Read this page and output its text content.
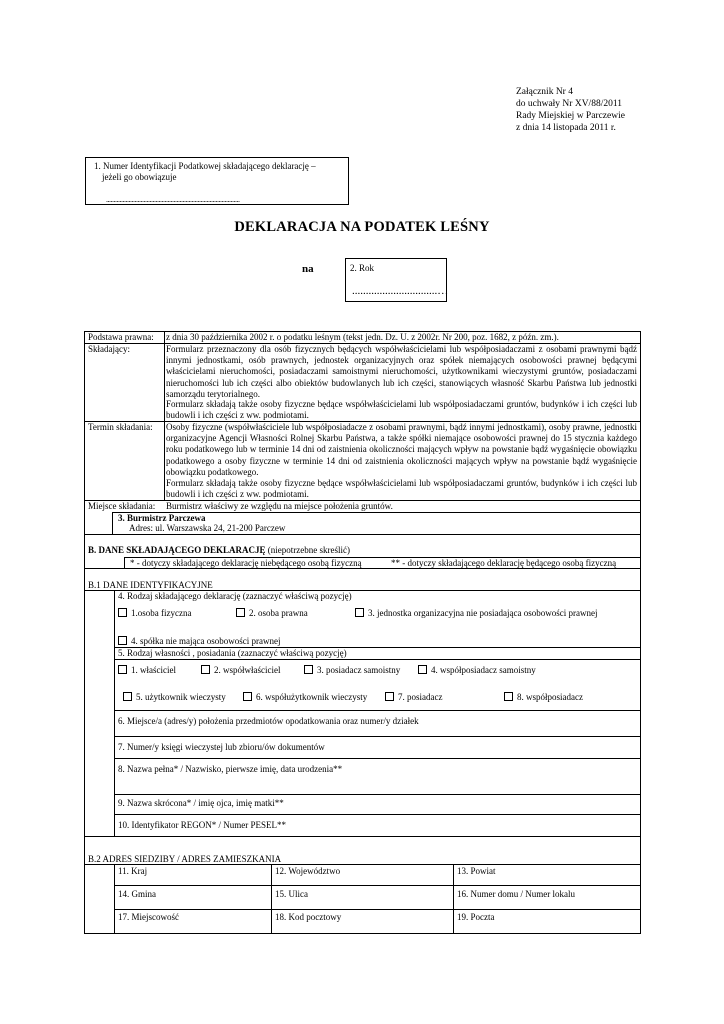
Załącznik Nr 4
do uchwały Nr XV/88/2011
Rady Miejskiej w Parczewie
z dnia 14 listopada 2011 r.
1. Numer Identyfikacji Podatkowej składającego deklarację –
jeżeli go obowiązuje
.........................................................................................
DEKLARACJA NA PODATEK LEŚNY
na	2. Rok
...............................…
Podstawa prawna: z dnia 30 października 2002 r. o podatku leśnym (tekst jedn. Dz. U. z 2002r. Nr 200, poz. 1682, z późn. zm.).
Składający:	Formularz przeznaczony dla osób fizycznych będących współwłaścicielami lub współposiadaczami z osobami prawnymi bądź innymi jednostkami, osób prawnych, jednostek organizacyjnych oraz spółek niemających osobowości prawnej będącymi właścicielami nieruchomości, posiadaczami samoistnymi nieruchomości, użytkownikami wieczystymi gruntów, posiadaczami nieruchomości lub ich części albo obiektów budowlanych lub ich części, stanowiących własność Skarbu Państwa lub jednostki samorządu terytorialnego.
Formularz składają także osoby fizyczne będące współwłaścicielami lub współposiadaczami gruntów, budynków i ich części lub budowli i ich części z ww. podmiotami.
Termin składania: Osoby fizyczne (współwłaściciele lub współposiadacze z osobami prawnymi, bądź innymi jednostkami), osoby prawne, jednostki organizacyjne Agencji Własności Rolnej Skarbu Państwa, a także spółki niemające osobowości prawnej do 15 stycznia każdego roku podatkowego lub w terminie 14 dni od zaistnienia okoliczności mających wpływ na powstanie bądź wygaśnięcie obowiązku podatkowego a osoby fizyczne w terminie 14 dni od zaistnienia okoliczności mających wpływ na powstanie bądź wygaśnięcie obowiązku podatkowego.
Formularz składają także osoby fizyczne będące współwłaścicielami lub współposiadaczami gruntów, budynków i ich części lub budowli i ich części z ww. podmiotami.
Miejsce składania: Burmistrz właściwy ze względu na miejsce położenia gruntów.
3. Burmistrz Parczewa
Adres: ul. Warszawska 24, 21-200 Parczew
B. DANE SKŁADAJĄCEGO DEKLARACJĘ (niepotrzebne skreślić)
* - dotyczy składającego deklarację niebędącego osobą fizyczną	** - dotyczy składającego deklarację będącego osobą fizyczną
B.1 DANE IDENTYFIKACYJNE
4. Rodzaj składającego deklarację (zaznaczyć właściwą pozycję)
1.osoba fizyczna	2. osoba prawna	3. jednostka organizacyjna nie posiadająca osobowości prawnej
4. spółka nie mająca osobowości prawnej
5. Rodzaj własności , posiadania (zaznaczyć właściwą pozycję)
1. właściciel	2. współwłaściciel	3. posiadacz samoistny	4. współposiadacz samoistny
5. użytkownik wieczysty	6. współużytkownik wieczysty	7. posiadacz	8. współposiadacz
6. Miejsce/a (adres/y) położenia przedmiotów opodatkowania oraz numer/y działek
7. Numer/y księgi wieczystej lub zbioru/ów dokumentów
8. Nazwa pełna* / Nazwisko, pierwsze imię, data urodzenia**
9. Nazwa skrócona* / imię ojca, imię matki**
10. Identyfikator REGON* / Numer PESEL**
B.2 ADRES SIEDZIBY / ADRES ZAMIESZKANIA
11. Kraj	12. Województwo	13. Powiat
14. Gmina	15. Ulica	16. Numer domu / Numer lokalu
17. Miejscowość	18. Kod pocztowy	19. Poczta
